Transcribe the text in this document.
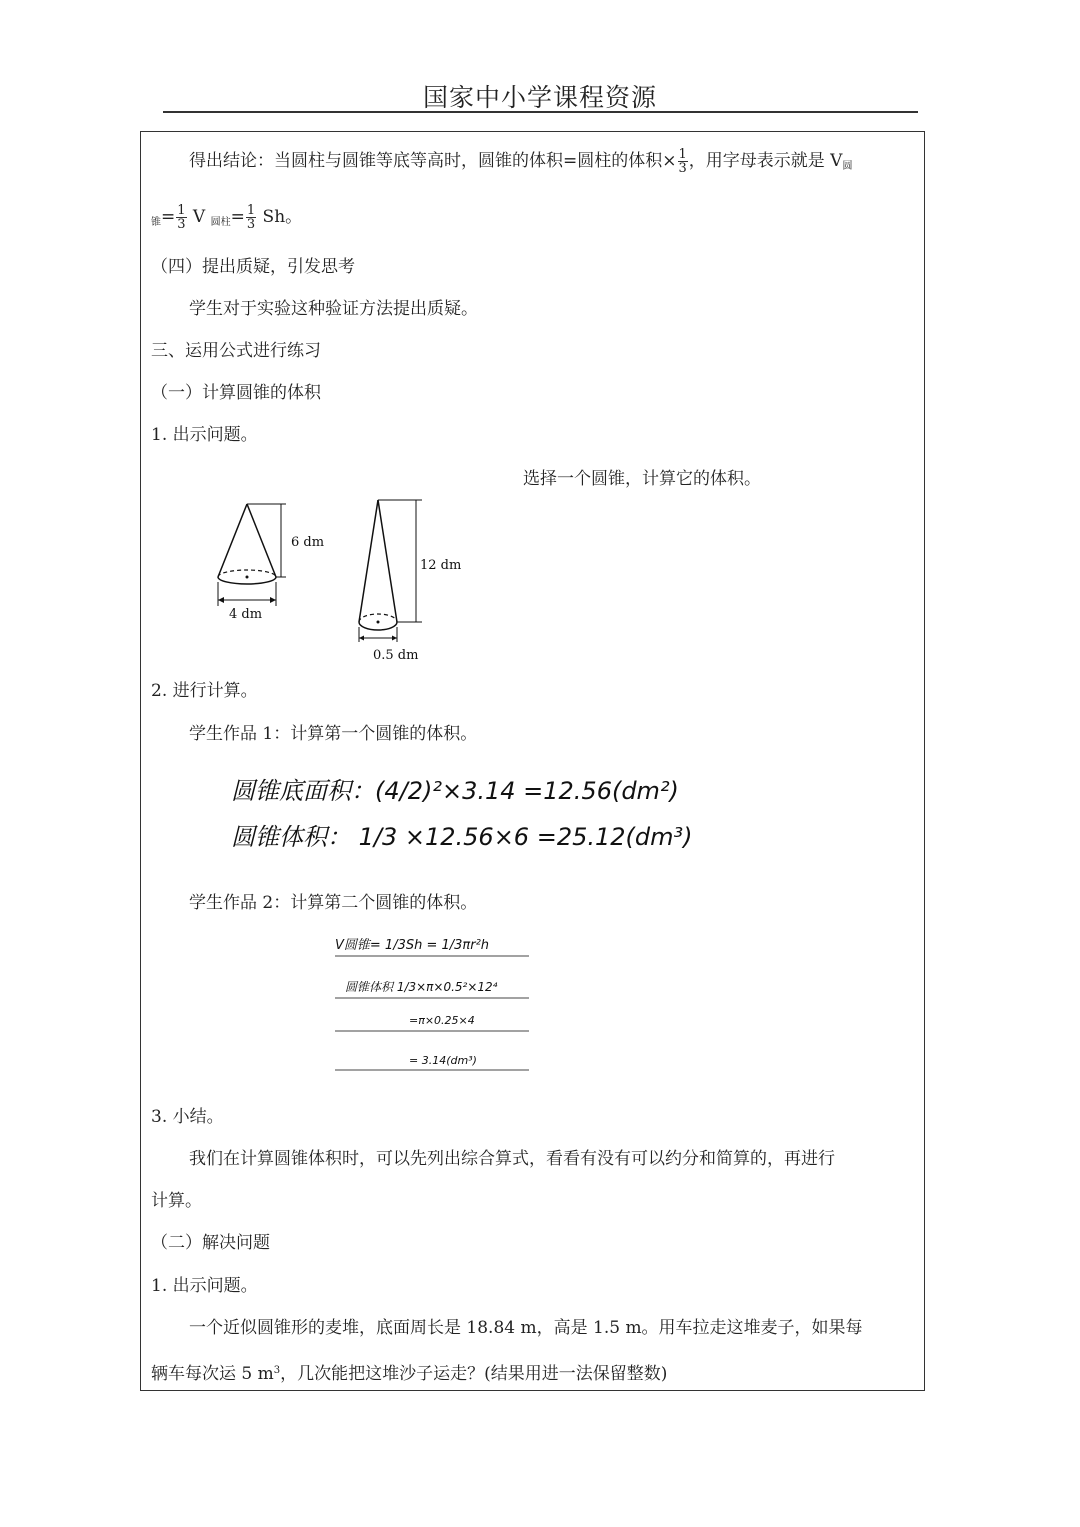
国家中小学课程资源
得出结论：当圆柱与圆锥等底等高时，圆锥的体积=圆柱的体积× $\frac{1}{3}$ ，用字母表示就是 $V_圆$
$_锥= \frac{1}{3}$ V $_{圆柱}= \frac{1}{3}$ Sh。
（四）提出质疑，引发思考
学生对于实验这种验证方法提出质疑。
三、运用公式进行练习
（一）计算圆锥的体积
1. 出示问题。
选择一个圆锥，计算它的体积。
6 dm
4 dm
12 dm
0.5 dm
2. 进行计算。
学生作品 1：计算第一个圆锥的体积。
圆锥底面积：(4/2)²×3.14 =12.56(dm²)
圆锥体积： 1/3 ×12.56×6 =25.12(dm³)
学生作品 2：计算第二个圆锥的体积。
V圆锥= 1/3Sh = 1/3πr²h
圆锥体积 1/3×π×0.5²×12⁴
=π×0.25×4
= 3.14(dm³)
3. 小结。
我们在计算圆锥体积时，可以先列出综合算式，看看有没有可以约分和简算的，再进行
计算。
（二）解决问题
1. 出示问题。
一个近似圆锥形的麦堆，底面周长是 18.84 m，高是 1.5 m。用车拉走这堆麦子，如果每
辆车每次运 5 $m^3$，几次能把这堆沙子运走？(结果用进一法保留整数)
